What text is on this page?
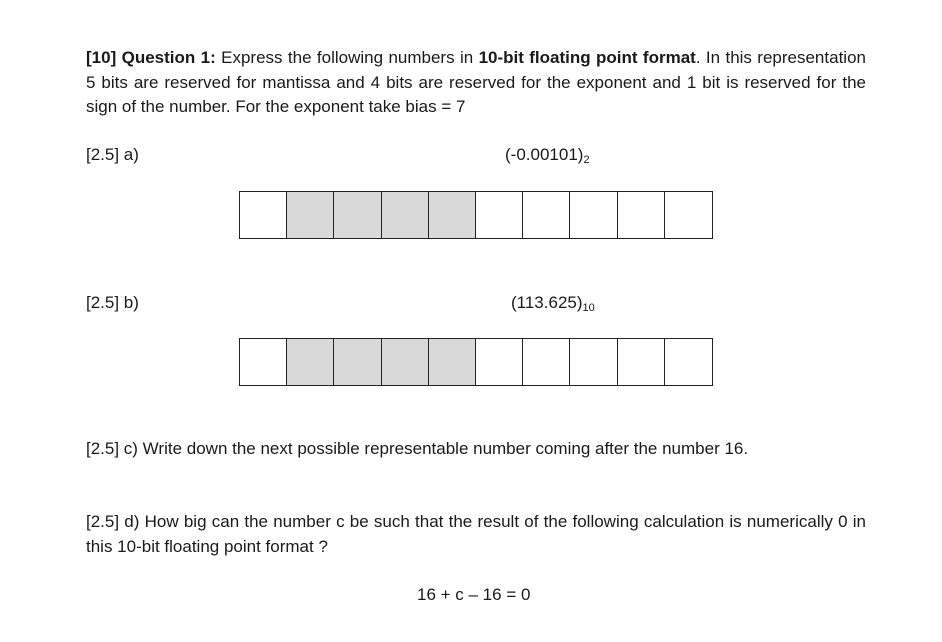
[10] Question 1: Express the following numbers in 10-bit floating point format. In this representation 5 bits are reserved for mantissa and 4 bits are reserved for the exponent and 1 bit is reserved for the sign of the number. For the exponent take bias = 7
[2.5] a)	$(-0.00101)_2$
[2.5] b)	$(113.625)_{10}$
[2.5] c) Write down the next possible representable number coming after the number 16.
[2.5] d) How big can the number c be such that the result of the following calculation is numerically 0 in this 10-bit floating point format ?
16 + c – 16 = 0
